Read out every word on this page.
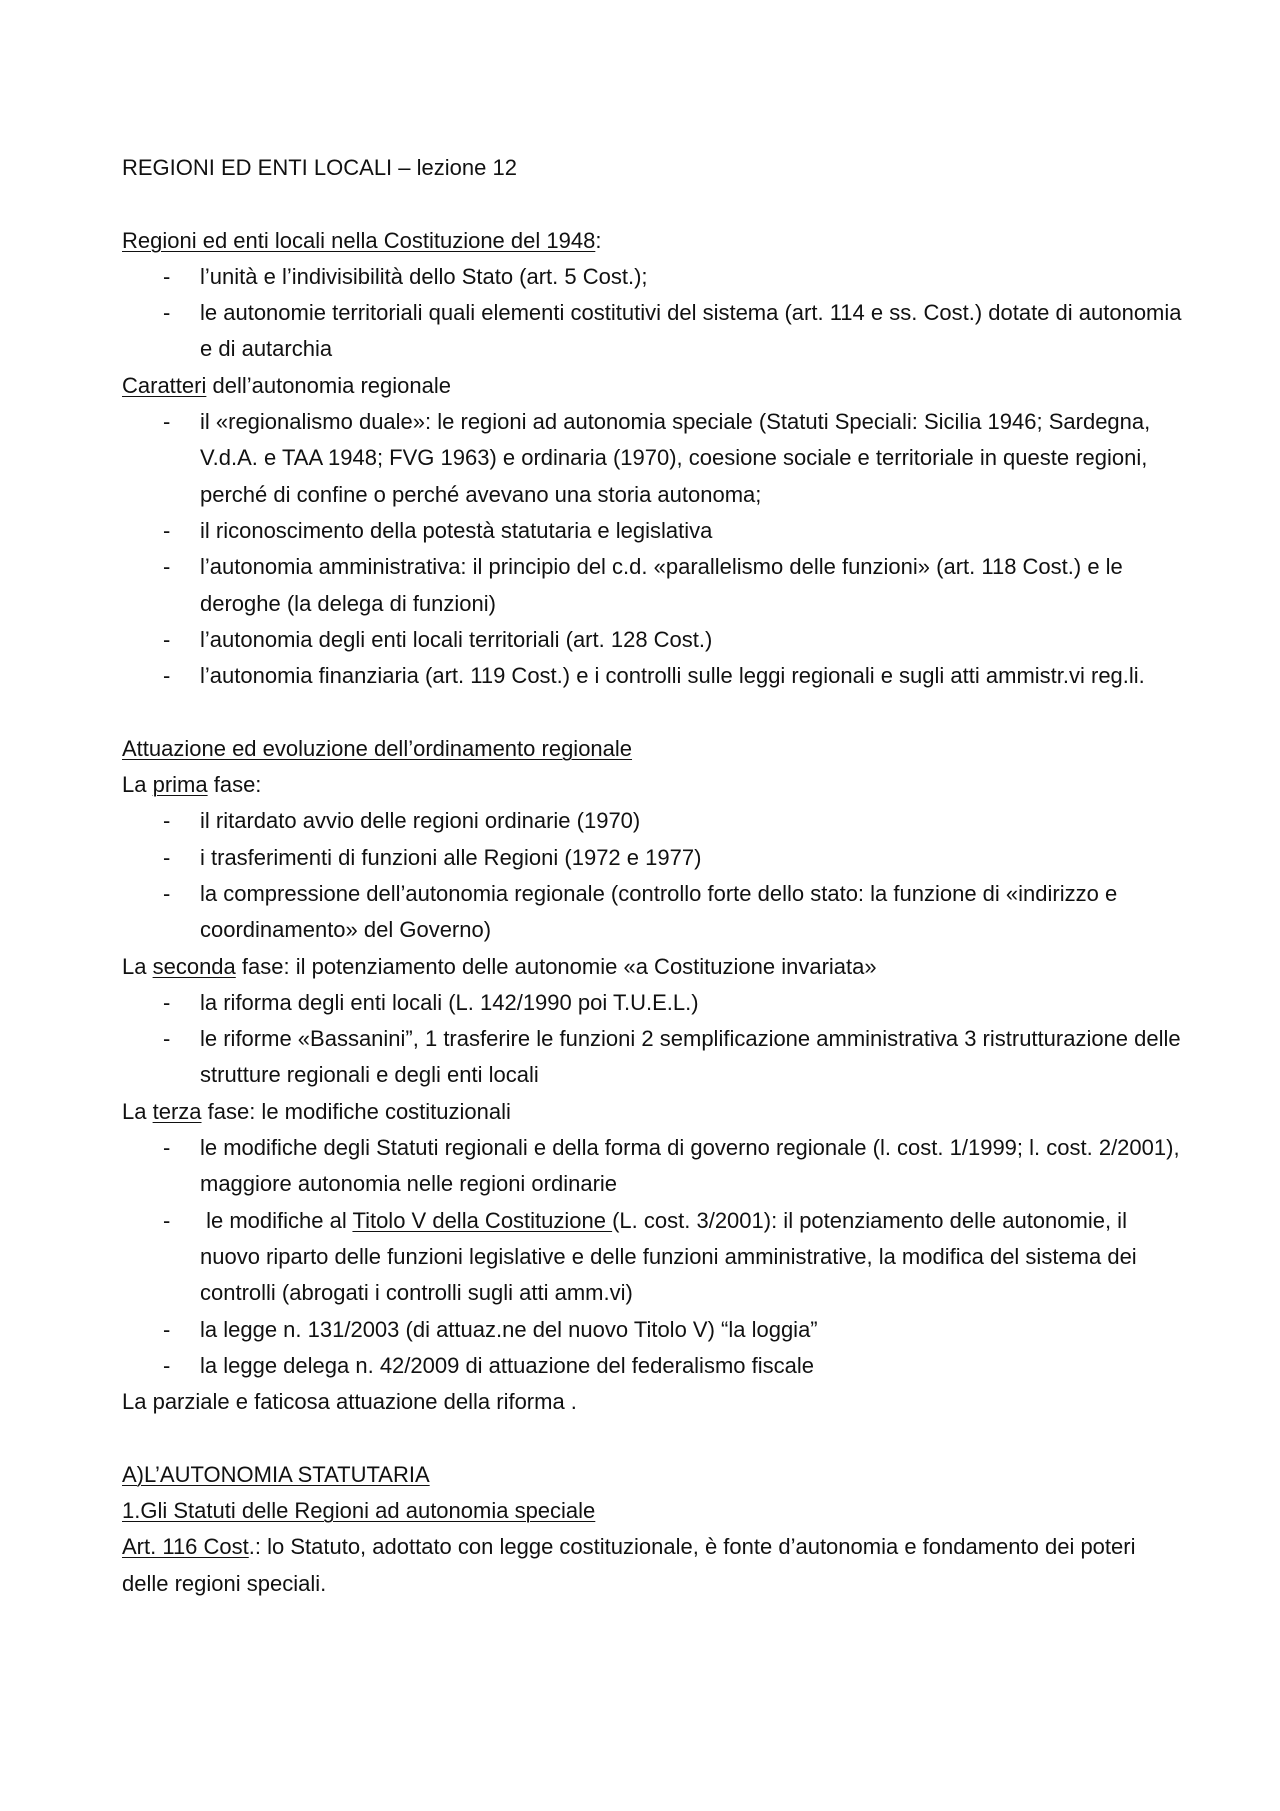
REGIONI ED ENTI LOCALI – lezione 12
Regioni ed enti locali nella Costituzione del 1948:
- l’unità e l’indivisibilità dello Stato (art. 5 Cost.);
- le autonomie territoriali quali elementi costitutivi del sistema (art. 114 e ss. Cost.) dotate di autonomia e di autarchia
Caratteri dell’autonomia regionale
- il «regionalismo duale»: le regioni ad autonomia speciale (Statuti Speciali: Sicilia 1946; Sardegna, V.d.A. e TAA 1948; FVG 1963) e ordinaria (1970), coesione sociale e territoriale in queste regioni, perché di confine o perché avevano una storia autonoma;
- il riconoscimento della potestà statutaria e legislativa
- l’autonomia amministrativa: il principio del c.d. «parallelismo delle funzioni» (art. 118 Cost.) e le deroghe (la delega di funzioni)
- l’autonomia degli enti locali territoriali (art. 128 Cost.)
- l’autonomia finanziaria (art. 119 Cost.) e i controlli sulle leggi regionali e sugli atti ammistr.vi reg.li.
Attuazione ed evoluzione dell’ordinamento regionale
La prima fase:
- il ritardato avvio delle regioni ordinarie (1970)
- i trasferimenti di funzioni alle Regioni (1972 e 1977)
- la compressione dell’autonomia regionale (controllo forte dello stato: la funzione di «indirizzo e coordinamento» del Governo)
La seconda fase: il potenziamento delle autonomie «a Costituzione invariata»
- la riforma degli enti locali (L. 142/1990 poi T.U.E.L.)
- le riforme «Bassanini”, 1 trasferire le funzioni 2 semplificazione amministrativa 3 ristrutturazione delle strutture regionali e degli enti locali
La terza fase: le modifiche costituzionali
- le modifiche degli Statuti regionali e della forma di governo regionale (l. cost. 1/1999; l. cost. 2/2001), maggiore autonomia nelle regioni ordinarie
- le modifiche al Titolo V della Costituzione (L. cost. 3/2001): il potenziamento delle autonomie, il nuovo riparto delle funzioni legislative e delle funzioni amministrative, la modifica del sistema dei controlli (abrogati i controlli sugli atti amm.vi)
- la legge n. 131/2003 (di attuaz.ne del nuovo Titolo V) “la loggia”
- la legge delega n. 42/2009 di attuazione del federalismo fiscale
La parziale e faticosa attuazione della riforma .
A)L’AUTONOMIA STATUTARIA
1.Gli Statuti delle Regioni ad autonomia speciale
Art. 116 Cost.: lo Statuto, adottato con legge costituzionale, è fonte d’autonomia e fondamento dei poteri delle regioni speciali.
